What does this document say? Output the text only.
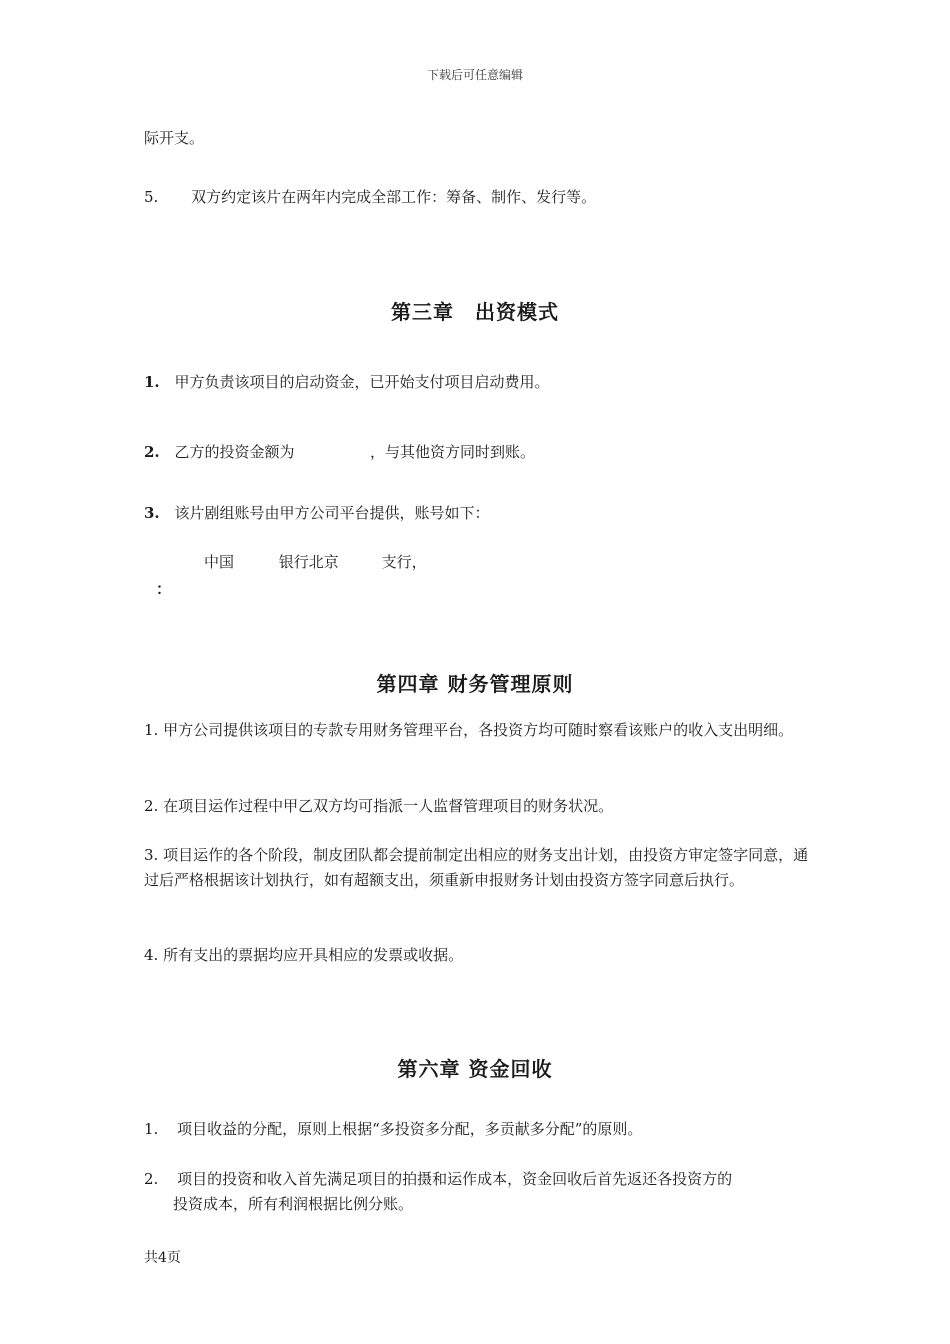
下载后可任意编辑
际开支。
5. 双方约定该片在两年内完成全部工作：筹备、制作、发行等。
第三章　出资模式
1. 甲方负责该项目的启动资金，已开始支付项目启动费用。
2. 乙方的投资金额为	，与其他资方同时到账。
3. 该片剧组账号由甲方公司平台提供，账号如下：
中国	银行北京	支行，
：
第四章 财务管理原则
1. 甲方公司提供该项目的专款专用财务管理平台，各投资方均可随时察看该账户的收入支出明细。
2. 在项目运作过程中甲乙双方均可指派一人监督管理项目的财务状况。
3. 项目运作的各个阶段，制皮团队都会提前制定出相应的财务支出计划，由投资方审定签字同意，通过后严格根据该计划执行，如有超额支出，须重新申报财务计划由投资方签字同意后执行。
4. 所有支出的票据均应开具相应的发票或收据。
第六章 资金回收
1. 项目收益的分配，原则上根据“多投资多分配，多贡献多分配”的原则。
2. 项目的投资和收入首先满足项目的拍摄和运作成本，资金回收后首先返还各投资方的
投资成本，所有利润根据比例分账。
共4页
